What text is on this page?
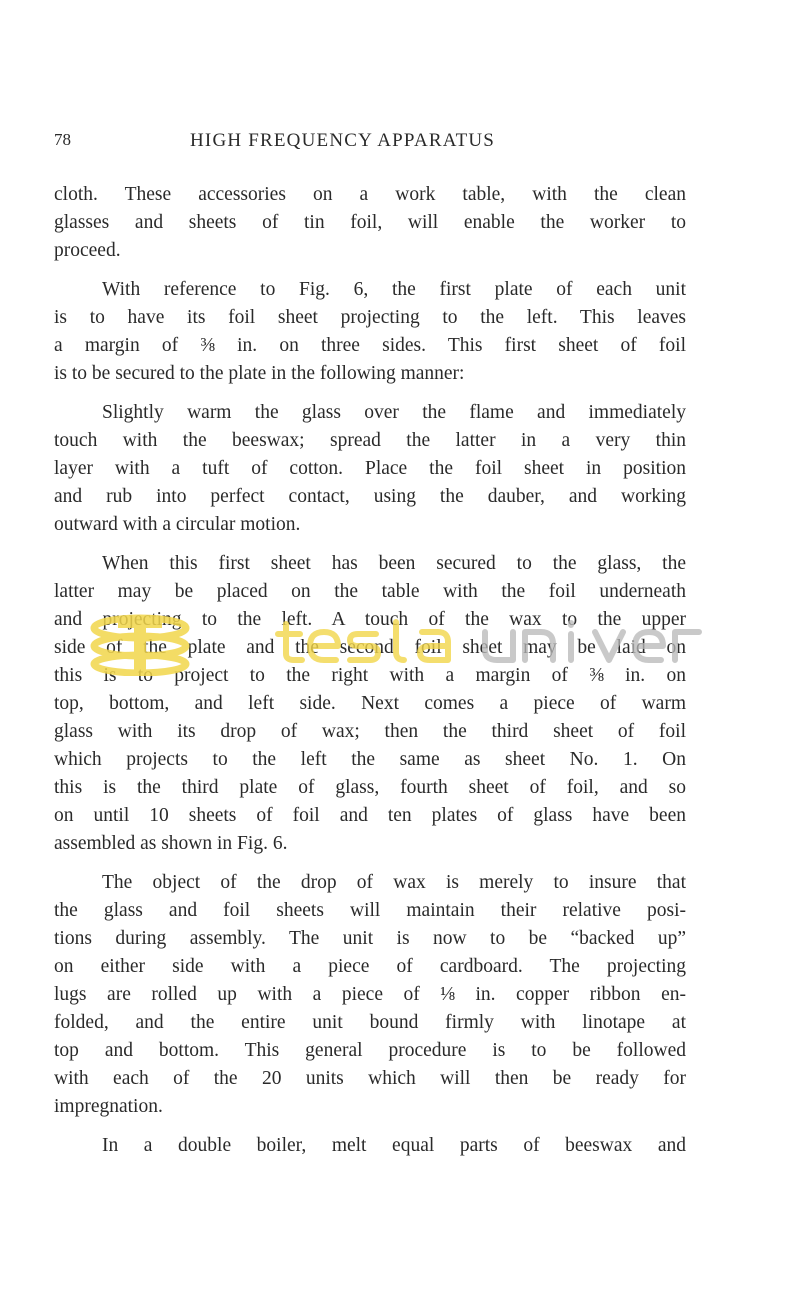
78	HIGH FREQUENCY APPARATUS
cloth. These accessories on a work table, with the clean
glasses and sheets of tin foil, will enable the worker to
proceed.
With reference to Fig. 6, the first plate of each unit
is to have its foil sheet projecting to the left. This leaves
a margin of ⅜ in. on three sides. This first sheet of foil
is to be secured to the plate in the following manner:
Slightly warm the glass over the flame and immediately
touch with the beeswax; spread the latter in a very thin
layer with a tuft of cotton. Place the foil sheet in position
and rub into perfect contact, using the dauber, and working
outward with a circular motion.
When this first sheet has been secured to the glass, the
latter may be placed on the table with the foil underneath
and projecting to the left. A touch of the wax to the upper
side of the plate and the second foil sheet may be laid on
this is to project to the right with a margin of ⅜ in. on
top, bottom, and left side. Next comes a piece of warm
glass with its drop of wax; then the third sheet of foil
which projects to the left the same as sheet No. 1. On
this is the third plate of glass, fourth sheet of foil, and so
on until 10 sheets of foil and ten plates of glass have been
assembled as shown in Fig. 6.
The object of the drop of wax is merely to insure that
the glass and foil sheets will maintain their relative posi-
tions during assembly. The unit is now to be “backed up”
on either side with a piece of cardboard. The projecting
lugs are rolled up with a piece of ⅛ in. copper ribbon en-
folded, and the entire unit bound firmly with linotape at
top and bottom. This general procedure is to be followed
with each of the 20 units which will then be ready for
impregnation.
In a double boiler, melt equal parts of beeswax and
